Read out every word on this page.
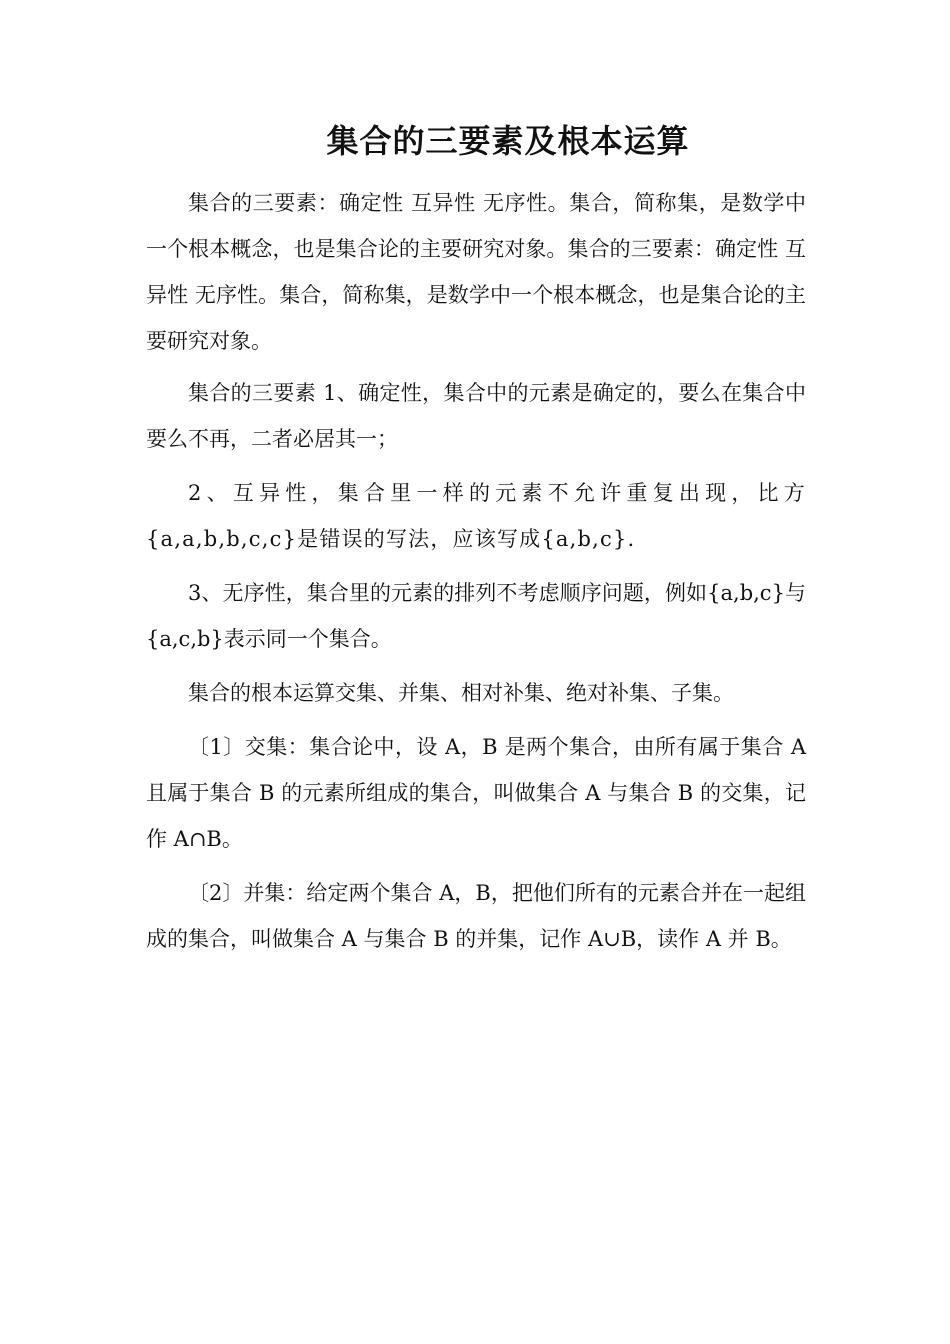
集合的三要素及根本运算

集合的三要素：确定性 互异性 无序性。集合，简称集，是数学中一个根本概念，也是集合论的主要研究对象。集合的三要素：确定性 互异性 无序性。集合，简称集，是数学中一个根本概念，也是集合论的主要研究对象。

集合的三要素 1、确定性，集合中的元素是确定的，要么在集合中要么不再，二者必居其一；

2、互异性，集合里一样的元素不允许重复出现，比方{a,a,b,b,c,c}是错误的写法，应该写成{a,b,c}.

3、无序性，集合里的元素的排列不考虑顺序问题，例如{a,b,c}与{a,c,b}表示同一个集合。

集合的根本运算交集、并集、相对补集、绝对补集、子集。

〔1〕交集：集合论中，设 A，B 是两个集合，由所有属于集合 A 且属于集合 B 的元素所组成的集合，叫做集合 A 与集合 B 的交集，记作 A∩B。

〔2〕并集：给定两个集合 A，B，把他们所有的元素合并在一起组成的集合，叫做集合 A 与集合 B 的并集，记作 A∪B，读作 A 并 B。
